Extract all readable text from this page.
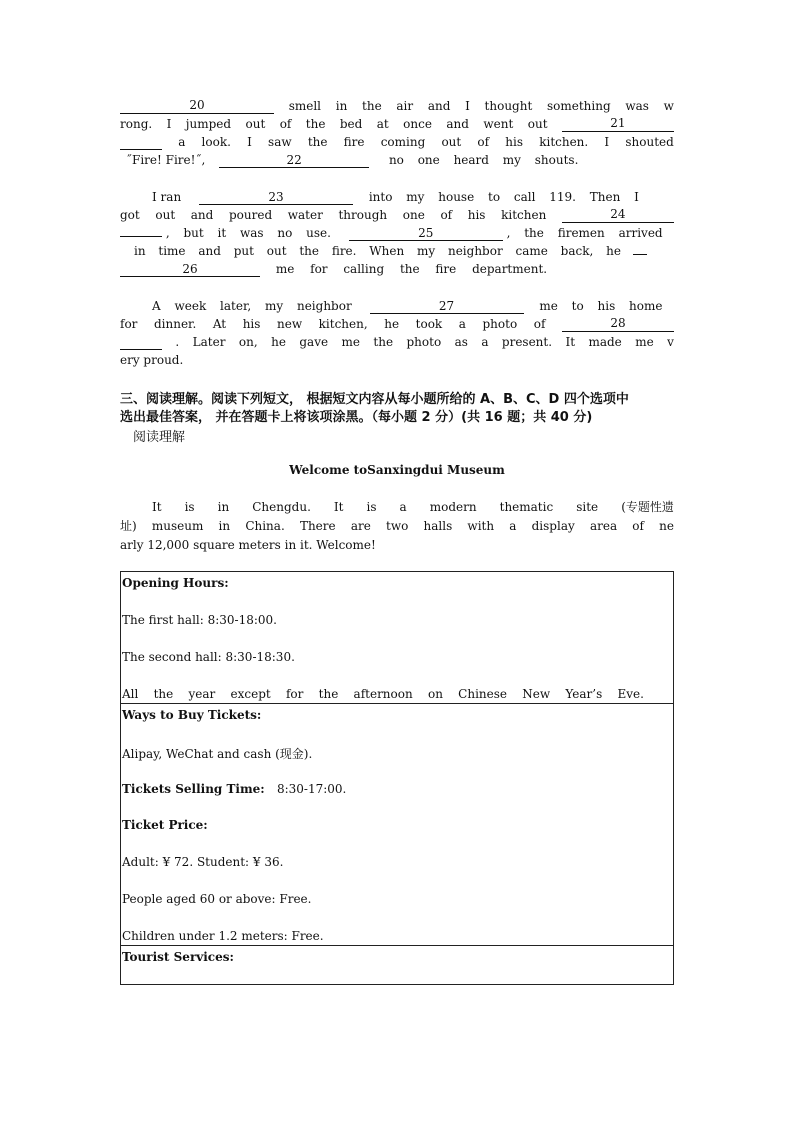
20	smell in the air and I thought something was w
rong. I jumped out of the bed at once and went out	21
a look. I saw the fire coming out of his kitchen. I shouted
˝Fire! Fire!˝,	22	no one heard my shouts.
I ran	23	into my house to call 119. Then I
got out and poured water through one of his kitchen	24
, but it was no use.	25	, the firemen arrived
in time and put out the fire. When my neighbor came back, he
26	me for calling the fire department.
A week later, my neighbor	27	me to his home
for dinner. At his new kitchen, he took a photo of	28
. Later on, he gave me the photo as a present. It made me v
ery proud.
三、阅读理解。阅读下列短文， 根据短文内容从每小题所给的 A、B、C、D 四个选项中
选出最佳答案， 并在答题卡上将该项涂黑。（每小题 2 分）(共 16 题；共 40 分)
阅读理解
Welcome toSanxingdui Museum
It is in Chengdu. It is a modern thematic site (专题性遗
址) museum in China. There are two halls with a display area of ne
arly 12,000 square meters in it. Welcome!
Opening Hours:
The first hall: 8:30-18:00.
The second hall: 8:30-18:30.
All the year except for the afternoon on Chinese New Year’s Eve.
Ways to Buy Tickets:
Alipay, WeChat and cash (现金).
Tickets Selling Time: 8:30-17:00.
Ticket Price:
Adult: ¥ 72. Student: ¥ 36.
People aged 60 or above: Free.
Children under 1.2 meters: Free.
Tourist Services:
